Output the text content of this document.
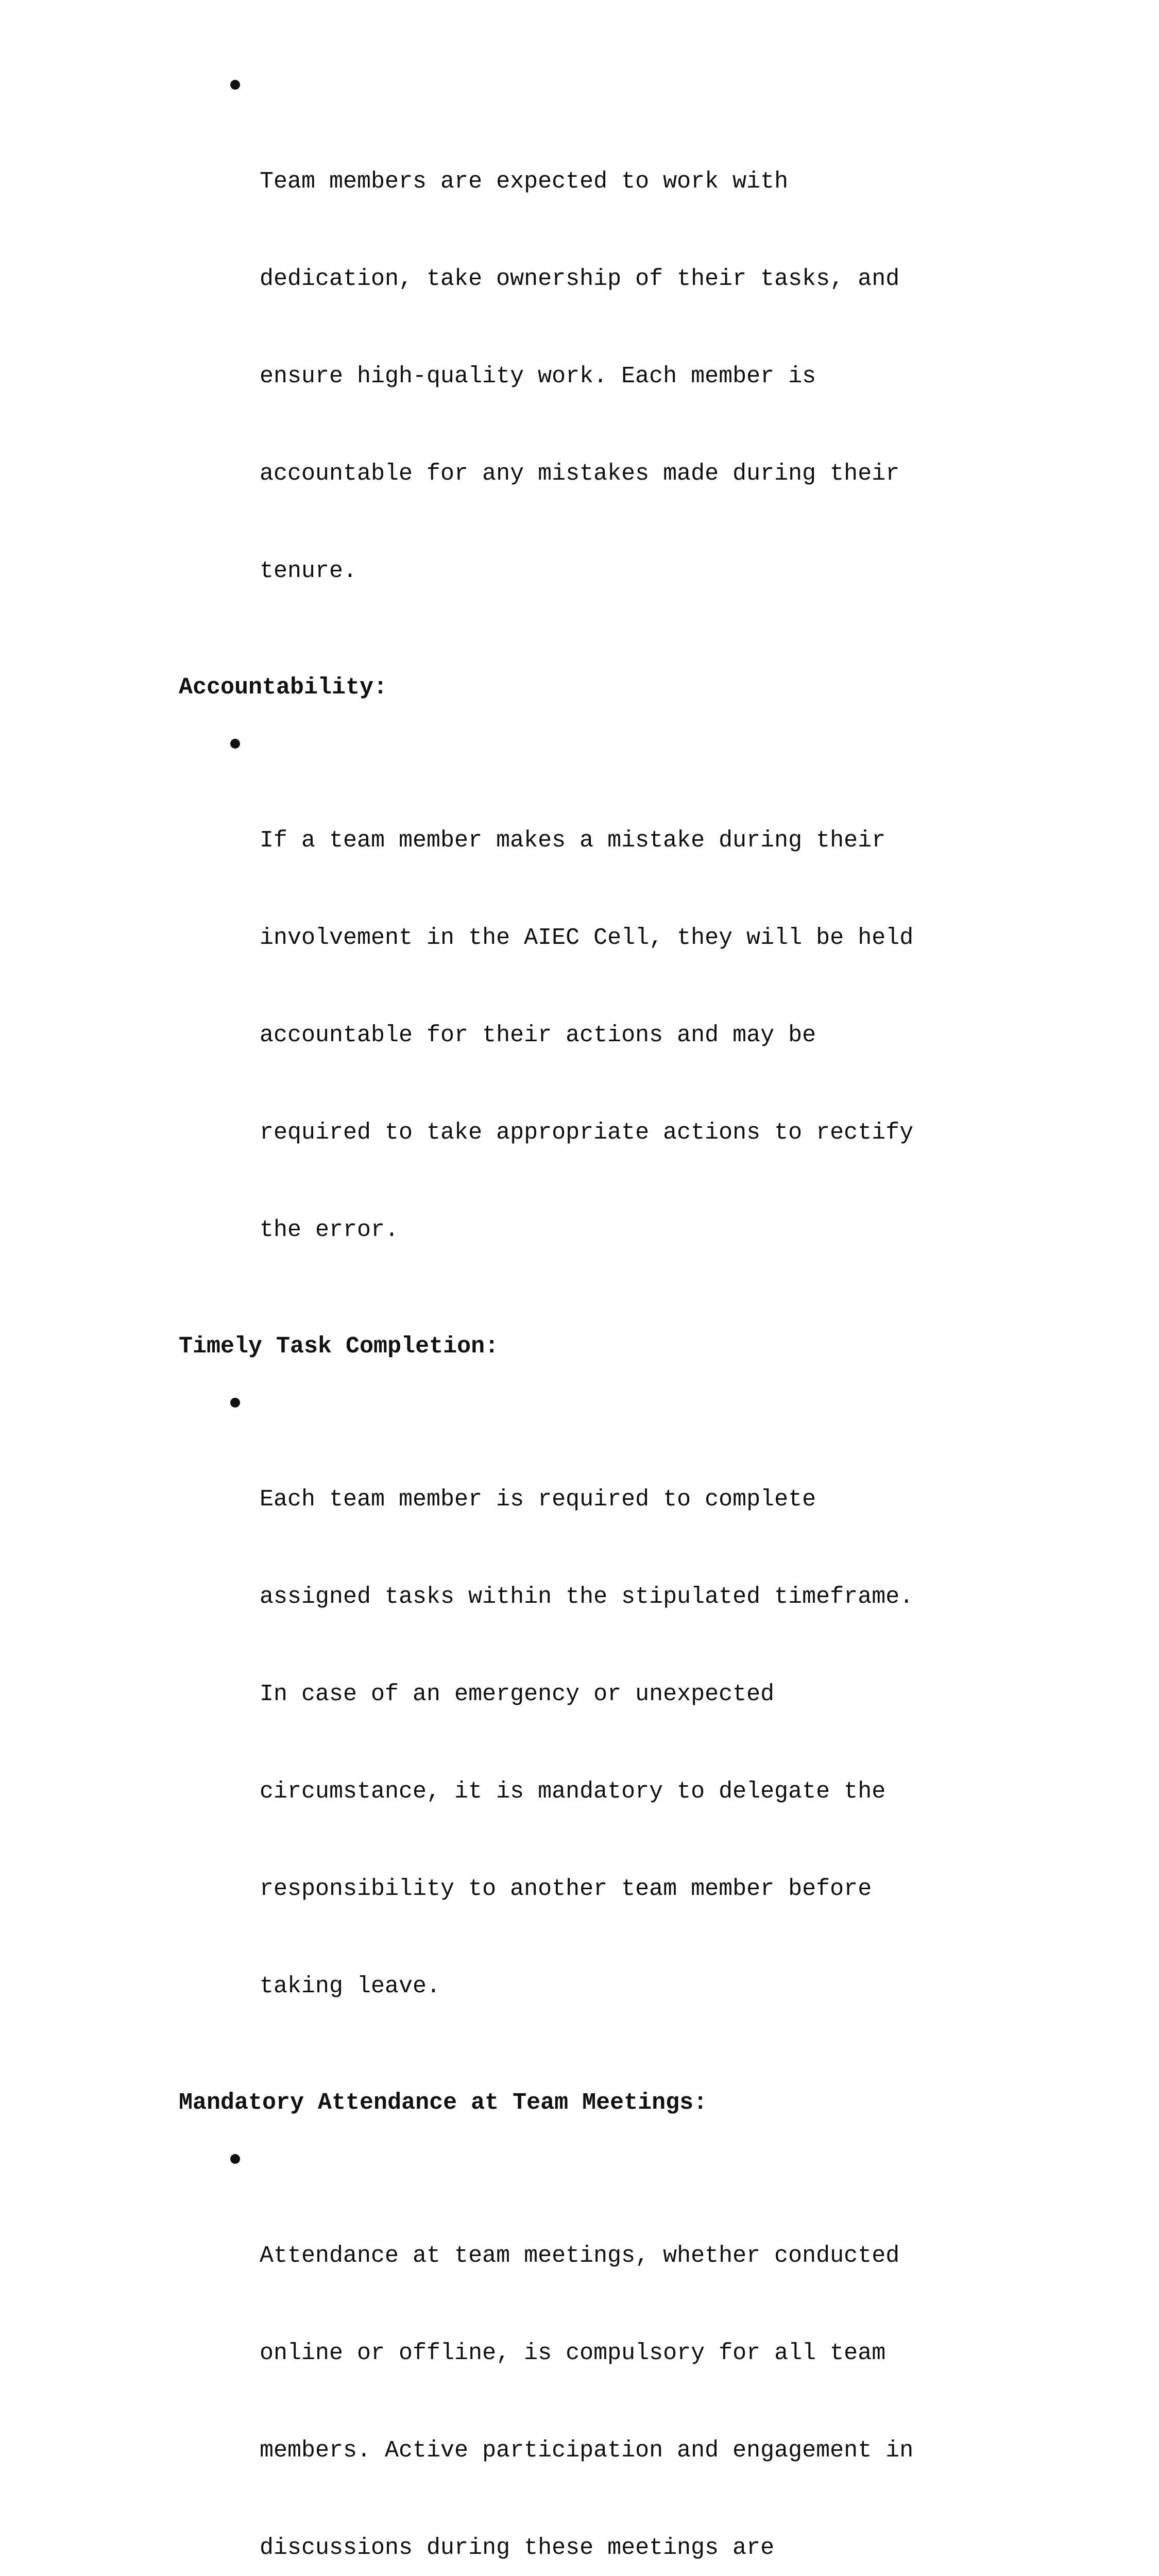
Team members are expected to work with

dedication, take ownership of their tasks, and

ensure high-quality work. Each member is

accountable for any mistakes made during their

tenure.

Accountability:

If a team member makes a mistake during their

involvement in the AIEC Cell, they will be held

accountable for their actions and may be

required to take appropriate actions to rectify

the error.

Timely Task Completion:

Each team member is required to complete

assigned tasks within the stipulated timeframe.

In case of an emergency or unexpected

circumstance, it is mandatory to delegate the

responsibility to another team member before

taking leave.

Mandatory Attendance at Team Meetings:

Attendance at team meetings, whether conducted

online or offline, is compulsory for all team

members. Active participation and engagement in

discussions during these meetings are
